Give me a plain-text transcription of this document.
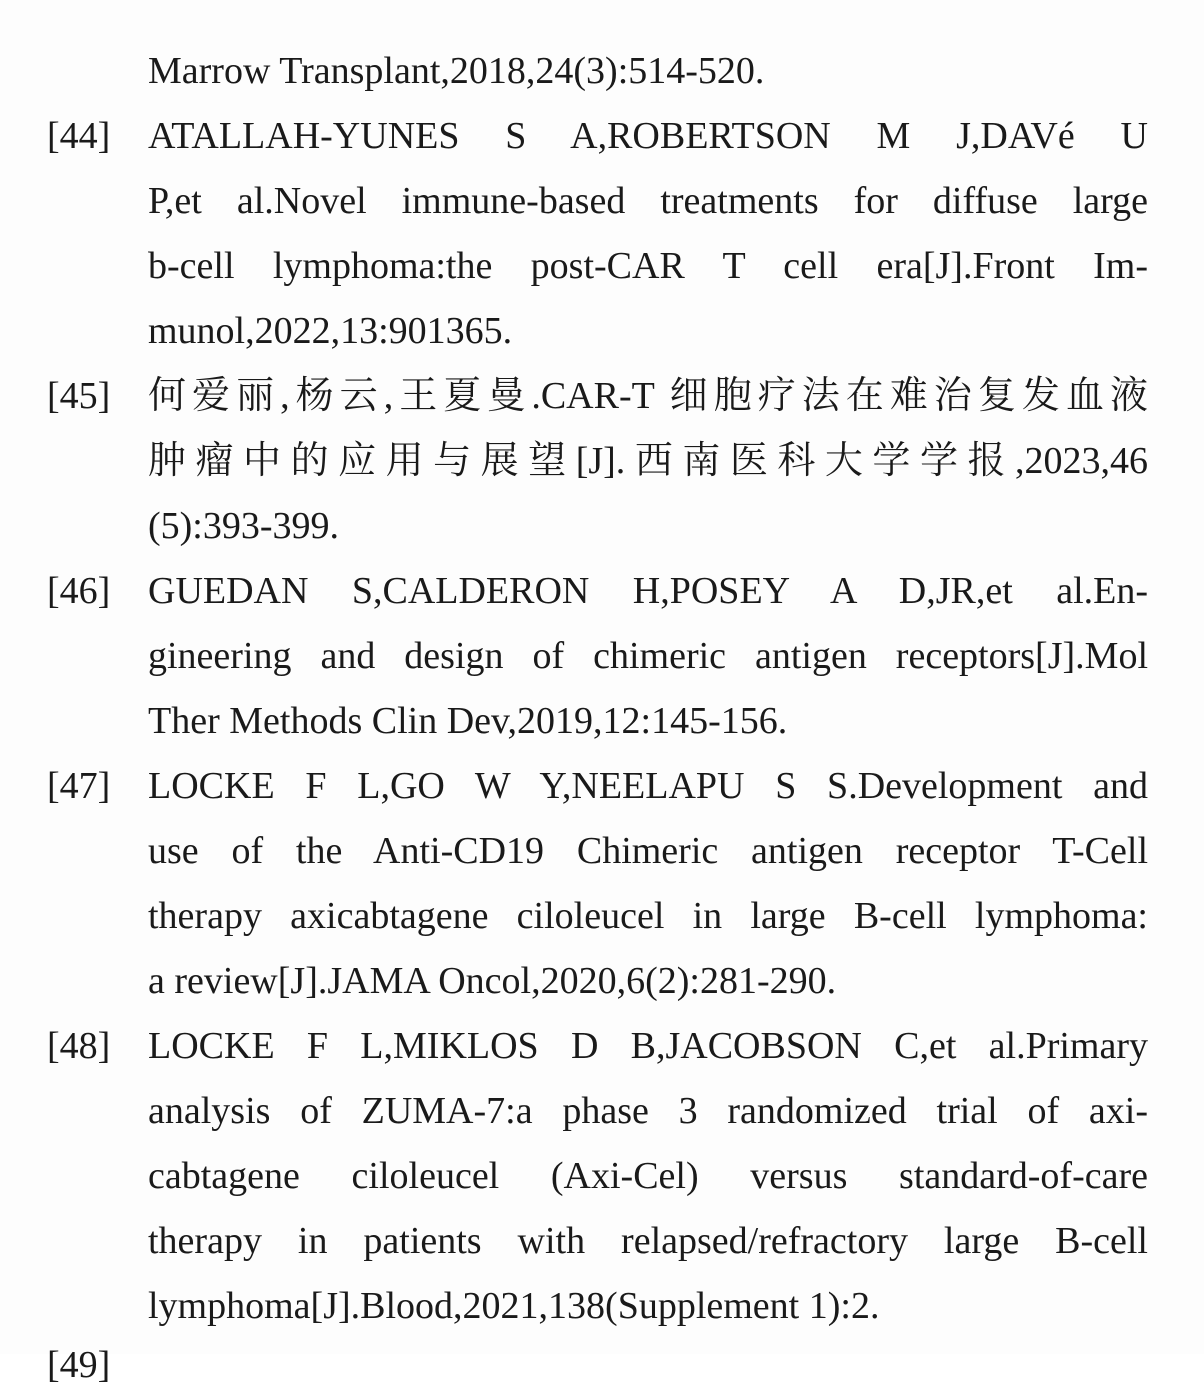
Marrow Transplant,2018,24(3):514-520.
[44] ATALLAH-YUNES S A,ROBERTSON M J,DAVé U
P,et al.Novel immune-based treatments for diffuse large
b-cell lymphoma:the post-CAR T cell era[J].Front Im-
munol,2022,13:901365.
[45] 何爱丽,杨云,王夏曼.CAR-T 细胞疗法在难治复发血液
肿瘤中的应用与展望[J].西南医科大学学报,2023,46
(5):393-399.
[46] GUEDAN S,CALDERON H,POSEY A D,JR,et al.En-
gineering and design of chimeric antigen receptors[J].Mol
Ther Methods Clin Dev,2019,12:145-156.
[47] LOCKE F L,GO W Y,NEELAPU S S.Development and
use of the Anti-CD19 Chimeric antigen receptor T-Cell
therapy axicabtagene ciloleucel in large B-cell lymphoma:
a review[J].JAMA Oncol,2020,6(2):281-290.
[48] LOCKE F L,MIKLOS D B,JACOBSON C,et al.Primary
analysis of ZUMA-7:a phase 3 randomized trial of axi-
cabtagene ciloleucel (Axi-Cel) versus standard-of-care
therapy in patients with relapsed/refractory large B-cell
lymphoma[J].Blood,2021,138(Supplement 1):2.
[49]
